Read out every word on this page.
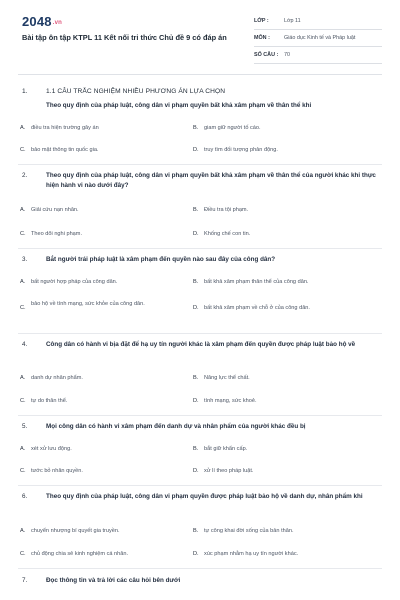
$2048^{.vn}$
Bài tập ôn tập KTPL 11 Kết nối tri thức Chủ đề 9 có đáp án
LỚP :	Lớp 11
MÔN :	Giáo dục Kinh tế và Pháp luật
SỐ CÂU :	70
1.	1.1 CÂU TRẮC NGHIỆM NHIỀU PHƯƠNG ÁN LỰA CHỌN
Theo quy định của pháp luật, công dân vi phạm quyền bất khả xâm phạm về thân thể khi
A.	điều tra hiện trường gây án	B.	giam giữ người tố cáo.
C. bảo mật thông tin quốc gia.	D. truy tìm đối tượng phản động.
2.	Theo quy định của pháp luật, công dân vi phạm quyền bất khả xâm phạm về thân thể của người khác khi thực hiện hành vi nào dưới đây?
A.	Giải cứu nạn nhân.	B.	Điều tra tội phạm.
C. Theo dõi nghi phạm.	D. Khống chế con tin.
3.	Bắt người trái pháp luật là xâm phạm đến quyền nào sau đây của công dân?
A.	bất người hợp pháp của công dân.	B.	bất khả xâm phạm thân thể của công dân.
C.
bảo hộ về tính mạng, sức khỏe của công dân.
D. bất khả xâm phạm về chỗ ở của công dân.
4.	Công dân có hành vi bịa đặt để hạ uy tín người khác là xâm phạm đến quyền được pháp luật bảo hộ về
A.	danh dự nhân phẩm.	B.	Năng lực thể chất.
C. tự do thân thể.	D. tính mạng, sức khoẻ.
5.	Mọi công dân có hành vi xâm phạm đến danh dự và nhân phẩm của người khác đều bị
A.	xét xử lưu động.	B.	bắt giữ khẩn cấp.
C. tước bỏ nhân quyền.	D. xử lí theo pháp luật.
6.	Theo quy định của pháp luật, công dân vi phạm quyền được pháp luật bảo hộ về danh dự, nhân phẩm khi
A.	chuyển nhượng bí quyết gia truyền.	B.	tự công khai đời sống của bản thân.
C. chủ động chia sẻ kinh nghiệm cá nhân.	D. xúc phạm nhằm hạ uy tín người khác.
7.	Đọc thông tin và trả lời các câu hỏi bên dưới
